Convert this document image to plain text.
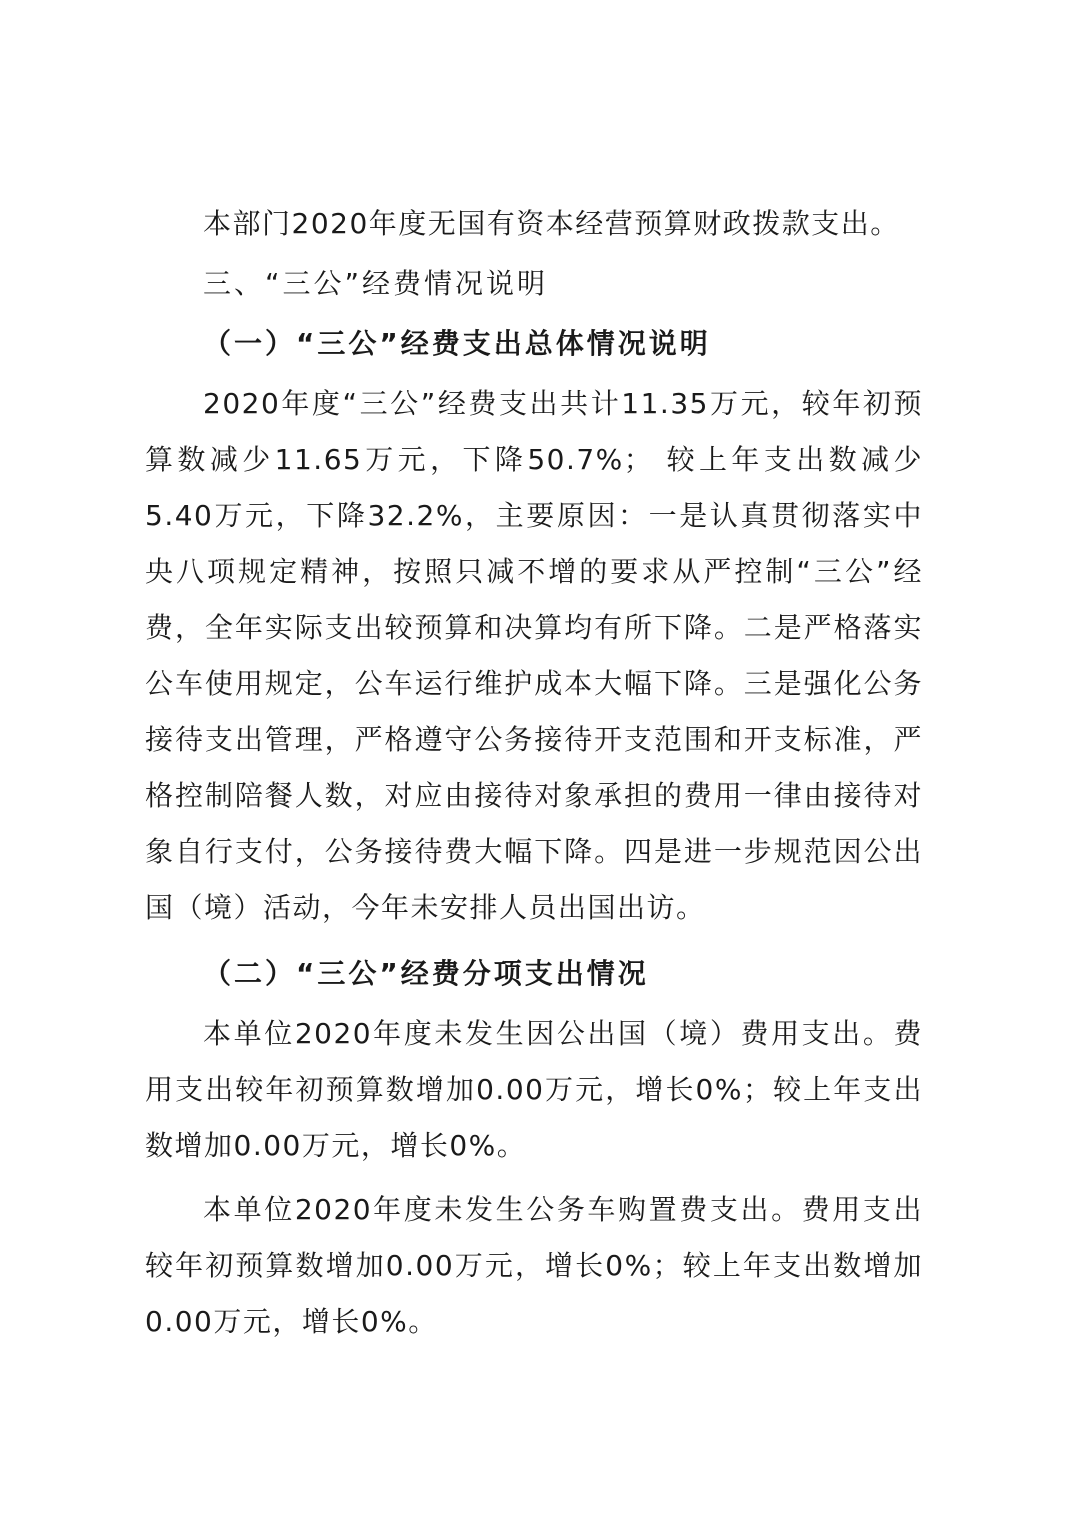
本部门2020年度无国有资本经营预算财政拨款支出。

三、“三公”经费情况说明

（一）“三公”经费支出总体情况说明

2020年度“三公”经费支出共计11.35万元，较年初预算数减少11.65万元，下降50.7%； 较上年支出数减少5.40万元，下降32.2%，主要原因：一是认真贯彻落实中央八项规定精神，按照只减不增的要求从严控制“三公”经费，全年实际支出较预算和决算均有所下降。二是严格落实公车使用规定，公车运行维护成本大幅下降。三是强化公务接待支出管理，严格遵守公务接待开支范围和开支标准，严格控制陪餐人数，对应由接待对象承担的费用一律由接待对象自行支付，公务接待费大幅下降。四是进一步规范因公出国（境）活动，今年未安排人员出国出访。

（二）“三公”经费分项支出情况

本单位2020年度未发生因公出国（境）费用支出。费用支出较年初预算数增加0.00万元，增长0%；较上年支出数增加0.00万元，增长0%。

本单位2020年度未发生公务车购置费支出。费用支出较年初预算数增加0.00万元，增长0%；较上年支出数增加0.00万元，增长0%。
